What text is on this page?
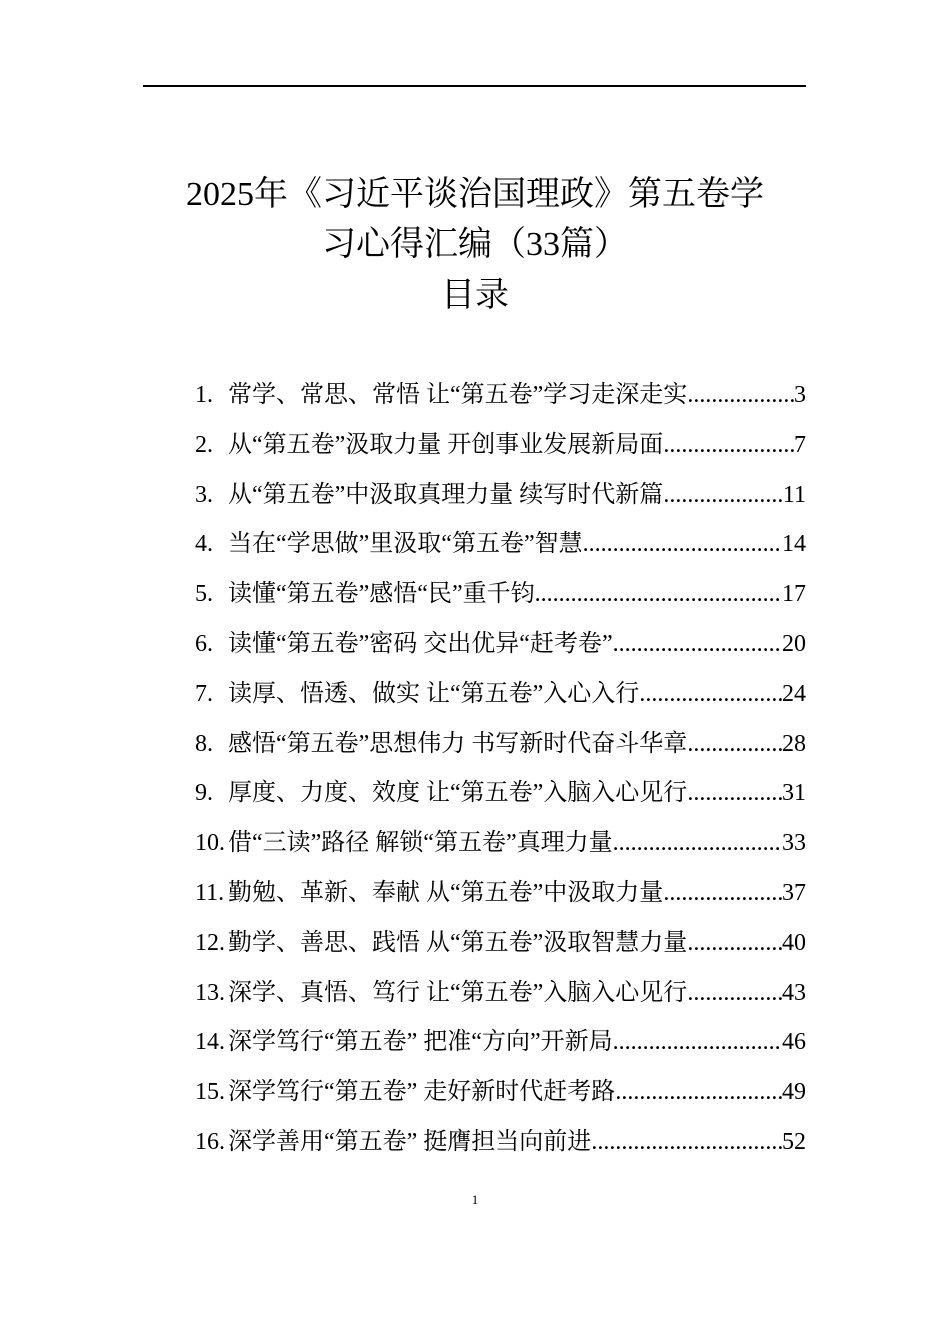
2025年《习近平谈治国理政》第五卷学
习心得汇编（33篇）
目录
1. 常学、常思、常悟 让“第五卷”学习走深走实 .....	3
2. 从“第五卷”汲取力量 开创事业发展新局面 .....	7
3. 从“第五卷”中汲取真理力量 续写时代新篇 .....	11
4. 当在“学思做”里汲取“第五卷”智慧 .....	14
5. 读懂“第五卷”感悟“民”重千钧 .....	17
6. 读懂“第五卷”密码 交出优异“赶考卷” .....	20
7. 读厚、悟透、做实 让“第五卷”入心入行 .....	24
8. 感悟“第五卷”思想伟力 书写新时代奋斗华章 .....	28
9. 厚度、力度、效度 让“第五卷”入脑入心见行 .....	31
10. 借“三读”路径 解锁“第五卷”真理力量 .....	33
11. 勤勉、革新、奉献 从“第五卷”中汲取力量 .....	37
12. 勤学、善思、践悟 从“第五卷”汲取智慧力量 .....	40
13. 深学、真悟、笃行 让“第五卷”入脑入心见行 .....	43
14. 深学笃行“第五卷” 把准“方向”开新局 .....	46
15. 深学笃行“第五卷” 走好新时代赶考路 .....	49
16. 深学善用“第五卷” 挺膺担当向前进 .....	52
1
